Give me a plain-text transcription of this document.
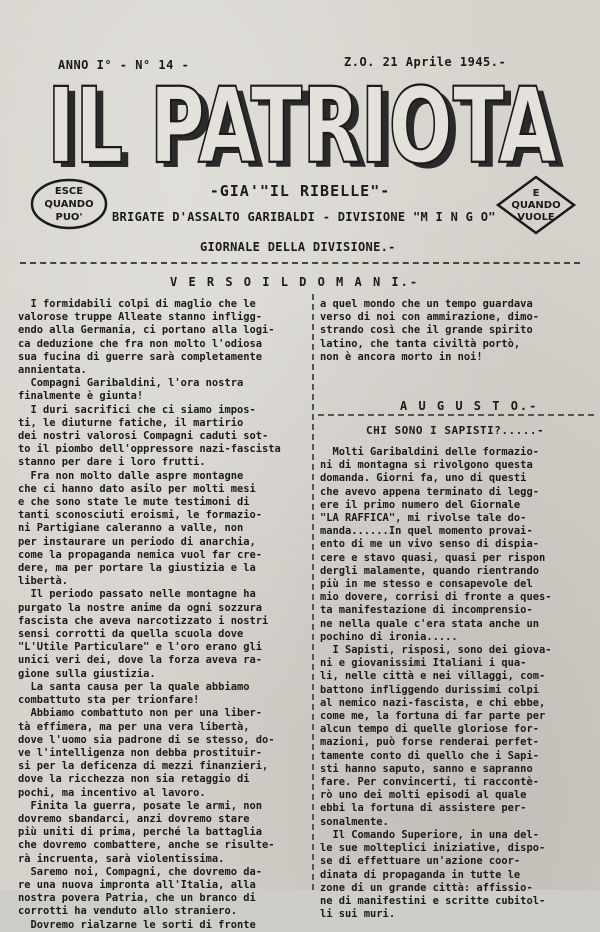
ANNO I° - N° 14 -	Z.O. 21 Aprile 1945.-
IL PATRIOTA
IL PATRIOTA
ESCE
QUANDO
PUO'
E
QUANDO
VUOLE
-GIA'"IL RIBELLE"-
BRIGATE D'ASSALTO GARIBALDI - DIVISIONE "M I N G O"
GIORNALE DELLA DIVISIONE.-
V E R S O I L D O M A N I.-
I formidabili colpi di maglio che le
valorose truppe Alleate stanno infligg-
endo alla Germania, ci portano alla logi-
ca deduzione che fra non molto l'odiosa
sua fucina di guerre sarà completamente
annientata.
Compagni Garibaldini, l'ora nostra
finalmente è giunta!
I duri sacrifici che ci siamo impos-
ti, le diuturne fatiche, il martirio
dei nostri valorosi Compagni caduti sot-
to il piombo dell'oppressore nazi-fascista
stanno per dare i loro frutti.
Fra non molto dalle aspre montagne
che ci hanno dato asilo per molti mesi
e che sono state le mute testimoni di
tanti sconosciuti eroismi, le formazio-
ni Partigiane caleranno a valle, non
per instaurare un periodo di anarchia,
come la propaganda nemica vuol far cre-
dere, ma per portare la giustizia e la
libertà.
Il periodo passato nelle montagne ha
purgato la nostre anime da ogni sozzura
fascista che aveva narcotizzato i nostri
sensi corrotti da quella scuola dove
"L'Utile Particulare" e l'oro erano gli
unici veri dei, dove la forza aveva ra-
gione sulla giustizia.
La santa causa per la quale abbiamo
combattuto sta per trionfare!
Abbiamo combattuto non per una liber-
tà effimera, ma per una vera libertà,
dove l'uomo sia padrone di se stesso, do-
ve l'intelligenza non debba prostituir-
si per la deficenza di mezzi finanzieri,
dove la ricchezza non sia retaggio di
pochi, ma incentivo al lavoro.
Finita la guerra, posate le armi, non
dovremo sbandarci, anzi dovremo stare
più uniti di prima, perché la battaglia
che dovremo combattere, anche se risulte-
rà incruenta, sarà violentissima.
Saremo noi, Compagni, che dovremo da-
re una nuova impronta all'Italia, alla
nostra povera Patria, che un branco di
corrotti ha venduto allo straniero.
Dovremo rialzarne le sorti di fronte
a quel mondo che un tempo guardava
verso di noi con ammirazione, dimo-
strando così che il grande spirito
latino, che tanta civiltà portò,
non è ancora morto in noi!
A U G U S T O.-
CHI SONO I SAPISTI?.....-
Molti Garibaldini delle formazio-
ni di montagna si rivolgono questa
domanda. Giorni fa, uno di questi
che avevo appena terminato di legg-
ere il primo numero del Giornale
"LA RAFFICA", mi rivolse tale do-
manda......In quel momento provai-
ento di me un vivo senso di dispia-
cere e stavo quasi, quasi per rispon
dergli malamente, quando rientrando
più in me stesso e consapevole del
mio dovere, corrisi di fronte a ques-
ta manifestazione di incomprensio-
ne nella quale c'era stata anche un
pochino di ironia.....
I Sapisti, risposi, sono dei giova-
ni e giovanissimi Italiani i qua-
li, nelle città e nei villaggi, com-
battono infliggendo durissimi colpi
al nemico nazi-fascista, e chi ebbe,
come me, la fortuna di far parte per
alcun tempo di quelle gloriose for-
mazioni, può forse renderai perfet-
tamente conto di quello che i Sapi-
sti hanno saputo, sanno e sapranno
fare. Per convincerti, ti raccontè-
rò uno dei molti episodi al quale
ebbi la fortuna di assistere per-
sonalmente.
Il Comando Superiore, in una del-
le sue molteplici iniziative, dispo-
se di effettuare un'azione coor-
dinata di propaganda in tutte le
zone di un grande città: affissio-
ne di manifestini e scritte cubitol-
li sui muri.
